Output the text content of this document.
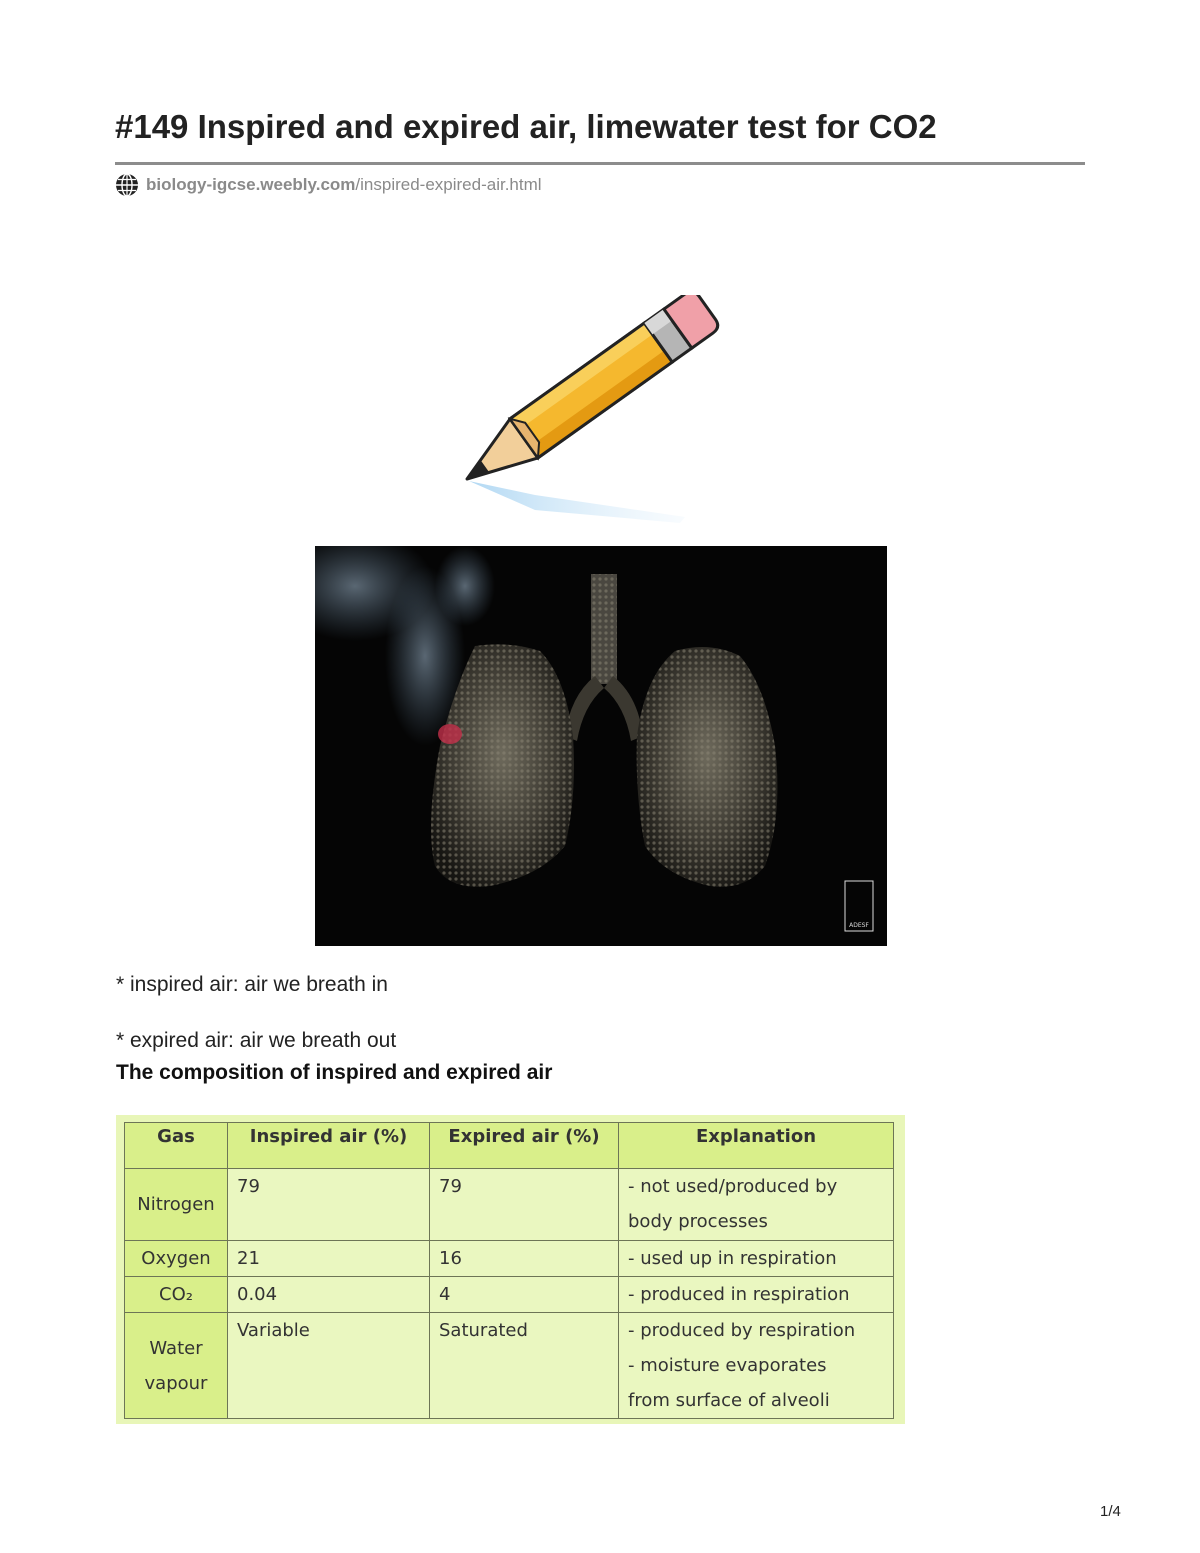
#149 Inspired and expired air, limewater test for CO2
biology-igcse.weebly.com /inspired-expired-air.html
ADESF
* inspired air: air we breath in
* expired air: air we breath out
The composition of inspired and expired air
Gas	Inspired air (%)	Expired air (%)	Explanation
Nitrogen	79	79	- not used/produced by
body processes

Oxygen	21	16	- used up in respiration

CO₂	0.04	4	- produced in respiration

Water vapour	Variable	Saturated	- produced by respiration
- moisture evaporates
from surface of alveoli
1/4
